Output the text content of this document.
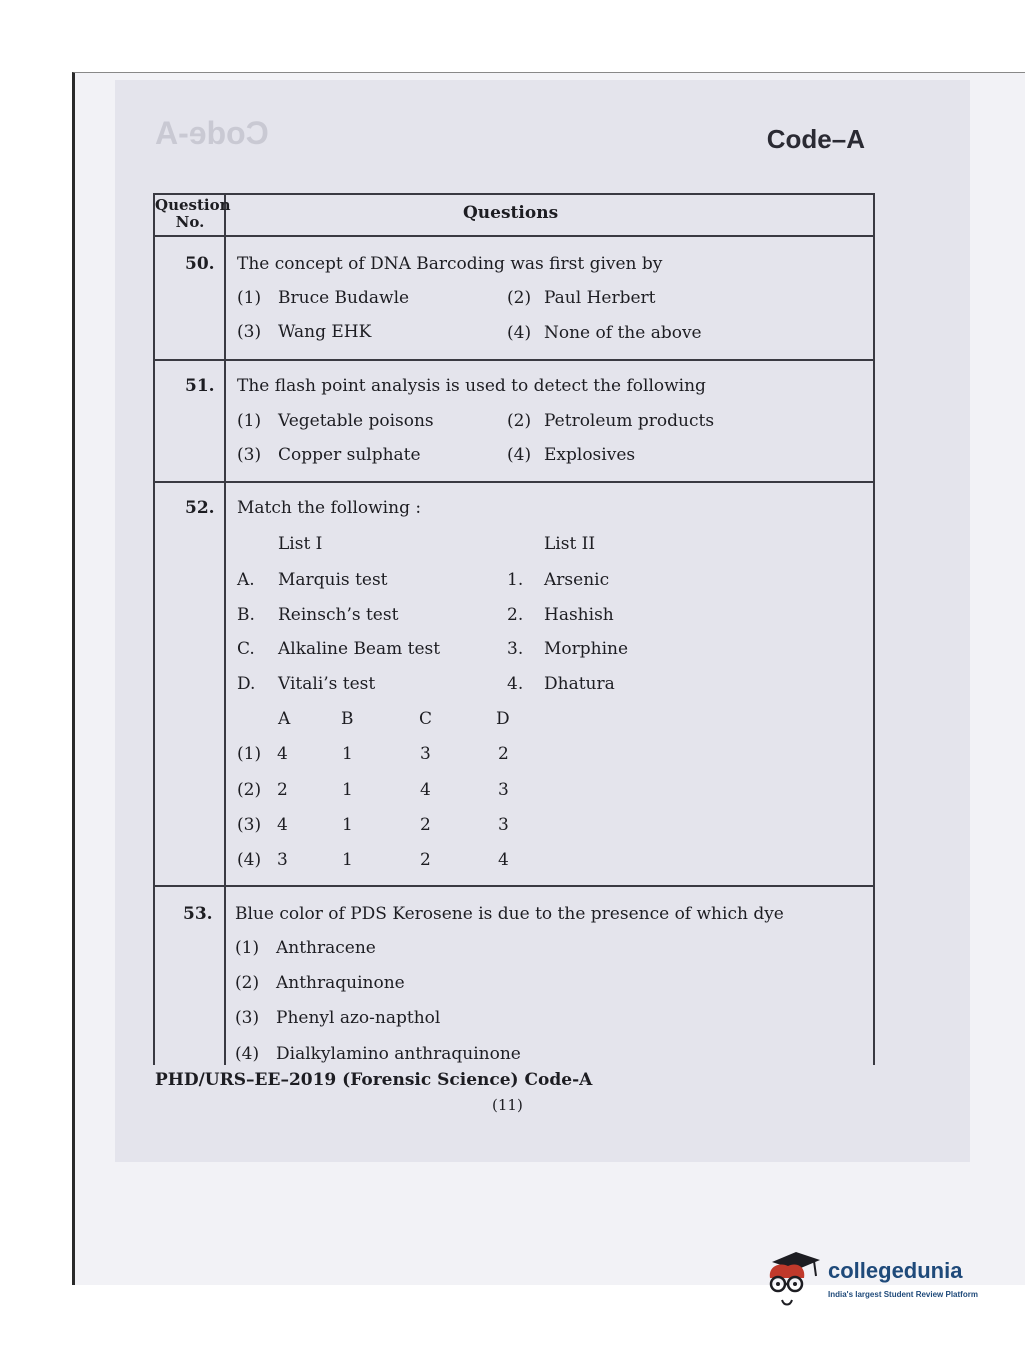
Code-A	Code–A
Question
No.	Questions
50. The concept of DNA Barcoding was first given by
(1) Bruce Budawle	(2) Paul Herbert
(3) Wang EHK	(4) None of the above
51. The flash point analysis is used to detect the following
(1) Vegetable poisons	(2) Petroleum products
(3) Copper sulphate	(4) Explosives
52. Match the following :
List I	List II
A. Marquis test	1. Arsenic
B. Reinsch’s test	2. Hashish
C. Alkaline Beam test	3. Morphine
D. Vitali’s test	4. Dhatura
A	B	C	D
(1) 4	1	3	2
(2) 2	1	4	3
(3) 4	1	2	3
(4) 3	1	2	4
53. Blue color of PDS Kerosene is due to the presence of which dye
(1) Anthracene
(2) Anthraquinone
(3) Phenyl azo-napthol
(4) Dialkylamino anthraquinone
PHD/URS–EE–2019 (Forensic Science) Code-A
(11)
collegedunia
India's largest Student Review Platform
